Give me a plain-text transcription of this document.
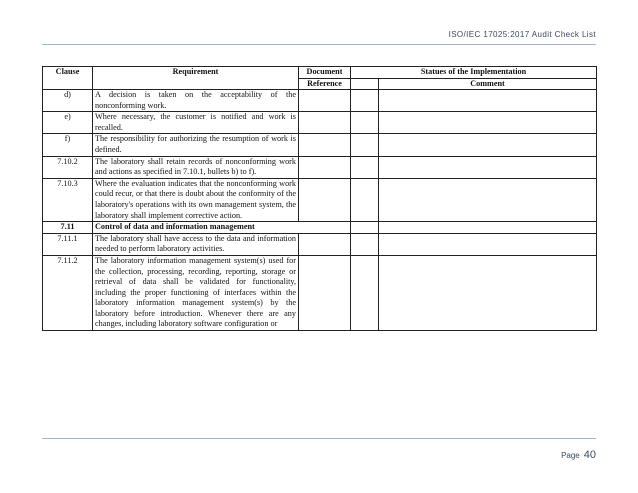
ISO/IEC 17025:2017 Audit Check List
Clause	Requirement	Document	Statues of the Implementation	
		Reference		Comment
d)	A decision is taken on the acceptability of the nonconforming work.			
e)	Where necessary, the customer is notified and work is recalled.			
f)	The responsibility for authorizing the resumption of work is defined.			
7.10.2	The laboratory shall retain records of nonconforming work and actions as specified in 7.10.1, bullets b) to f).			
7.10.3	Where the evaluation indicates that the nonconforming work could recur, or that there is doubt about the conformity of the laboratory's operations with its own management system, the laboratory shall implement corrective action.			
7.11	Control of data and information management			
7.11.1	The laboratory shall have access to the data and information needed to perform laboratory activities.			
7.11.2	The laboratory information management system(s) used for the collection, processing, recording, reporting, storage or retrieval of data shall be validated for functionality, including the proper functioning of interfaces within the laboratory information management system(s) by the laboratory before introduction. Whenever there are any changes, including laboratory software configuration or			
Page 40
